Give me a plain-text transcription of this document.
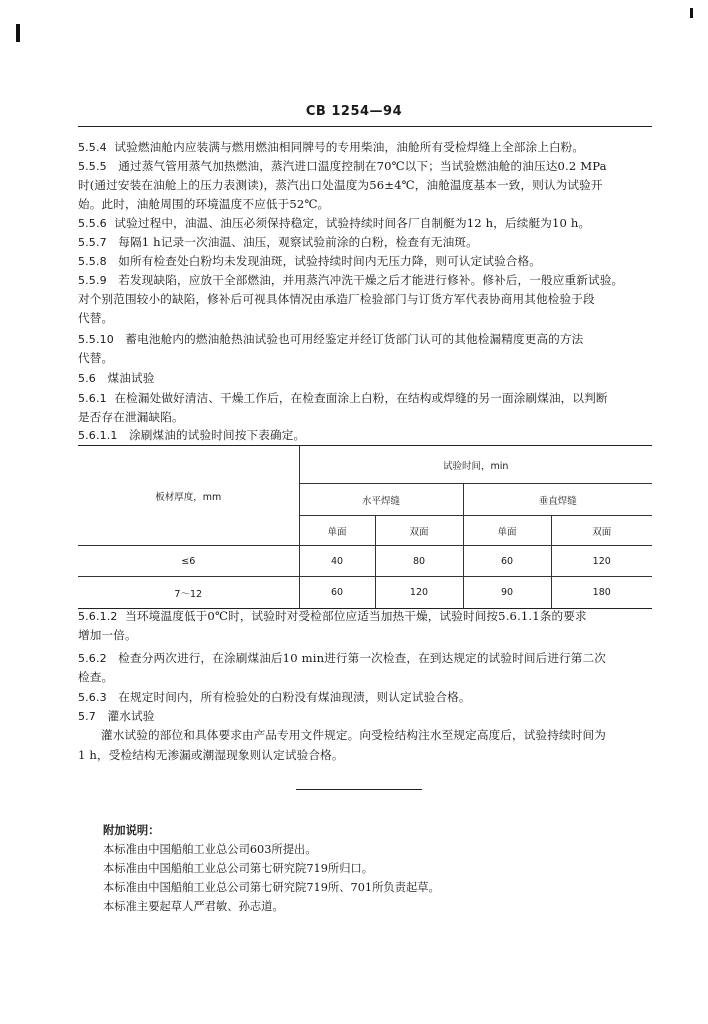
CB 1254—94
5.5.4 试验燃油舱内应装满与燃用燃油相同牌号的专用柴油，油舱所有受检焊缝上全部涂上白粉。
5.5.5 通过蒸气管用蒸气加热燃油，蒸汽进口温度控制在70℃以下；当试验燃油舱的油压达0.2 MPa
时(通过安装在油舱上的压力表测读)，蒸汽出口处温度为56±4℃，油舱温度基本一致，则认为试验开
始。此时，油舱周围的环境温度不应低于52℃。
5.5.6 试验过程中，油温、油压必须保持稳定，试验持续时间各厂自制艇为12 h，后续艇为10 h。
5.5.7 每隔1 h记录一次油温、油压，观察试验前涂的白粉，检查有无油斑。
5.5.8 如所有检查处白粉均未发现油斑，试验持续时间内无压力降，则可认定试验合格。
5.5.9 若发现缺陷，应放干全部燃油，并用蒸汽冲洗干燥之后才能进行修补。修补后，一般应重新试验。
对个别范围较小的缺陷，修补后可视具体情况由承造厂检验部门与订货方军代表协商用其他检验于段
代替。
5.5.10 蓄电池舱内的燃油舱热油试验也可用经鉴定并经订货部门认可的其他检漏精度更高的方法
代替。
5.6 煤油试验
5.6.1 在检漏处做好清洁、干燥工作后，在检查面涂上白粉，在结构或焊缝的另一面涂刷煤油，以判断
是否存在泄漏缺陷。
5.6.1.1 涂刷煤油的试验时间按下表确定。
板材厚度，mm	试验时间，min			
	水平焊缝		垂直焊缝	
	单面	双面	单面	双面
≤6	40	80	60	120
7～12	60	120	90	180
5.6.1.2 当环境温度低于0℃时，试验时对受检部位应适当加热干燥，试验时间按5.6.1.1条的要求
增加一倍。
5.6.2 检查分两次进行，在涂刷煤油后10 min进行第一次检查，在到达规定的试验时间后进行第二次
检查。
5.6.3 在规定时间内，所有检验处的白粉没有煤油现渍，则认定试验合格。
5.7 灌水试验
灌水试验的部位和具体要求由产品专用文件规定。向受检结构注水至规定高度后，试验持续时间为
1 h，受检结构无渗漏或潮湿现象则认定试验合格。
附加说明：
本标准由中国船舶工业总公司603所提出。
本标准由中国船舶工业总公司第七研究院719所归口。
本标准由中国船舶工业总公司第七研究院719所、701所负责起草。
本标准主要起草人严君敏、孙志道。
